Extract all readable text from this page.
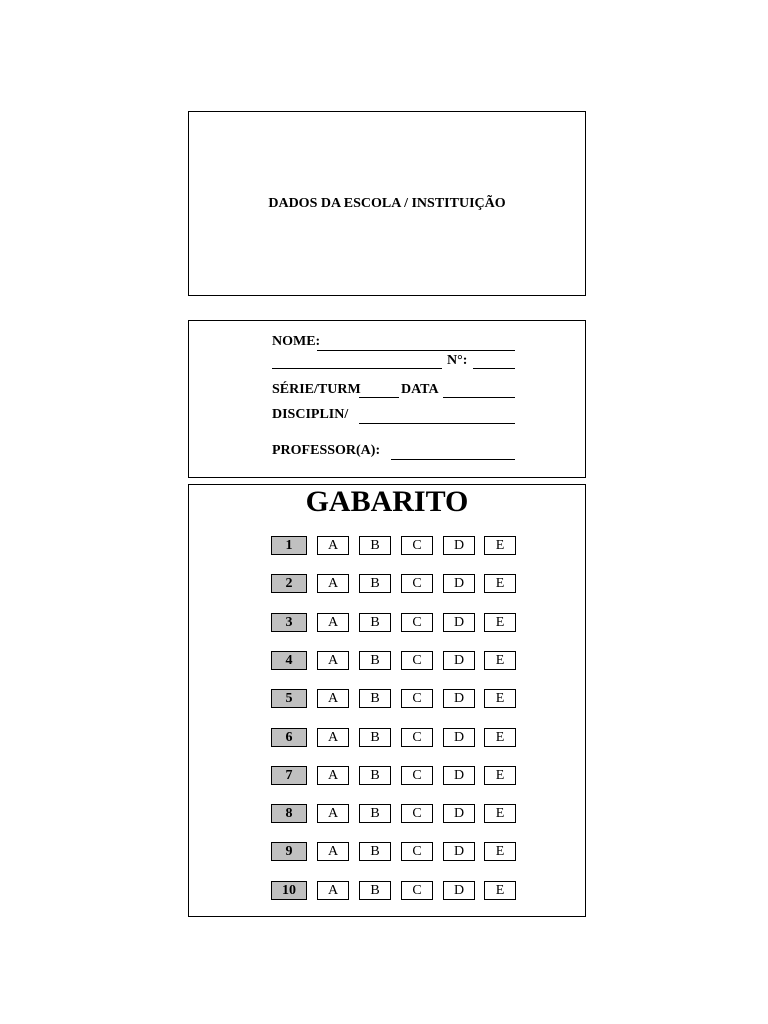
DADOS DA ESCOLA / INSTITUIÇÃO
NOME:
N°:
SÉRIE/TURM	DATA
DISCIPLIN/
PROFESSOR(A):
GABARITO
1	A	B	C	D	E
2	A	B	C	D	E
3	A	B	C	D	E
4	A	B	C	D	E
5	A	B	C	D	E
6	A	B	C	D	E
7	A	B	C	D	E
8	A	B	C	D	E
9	A	B	C	D	E
10	A	B	C	D	E
